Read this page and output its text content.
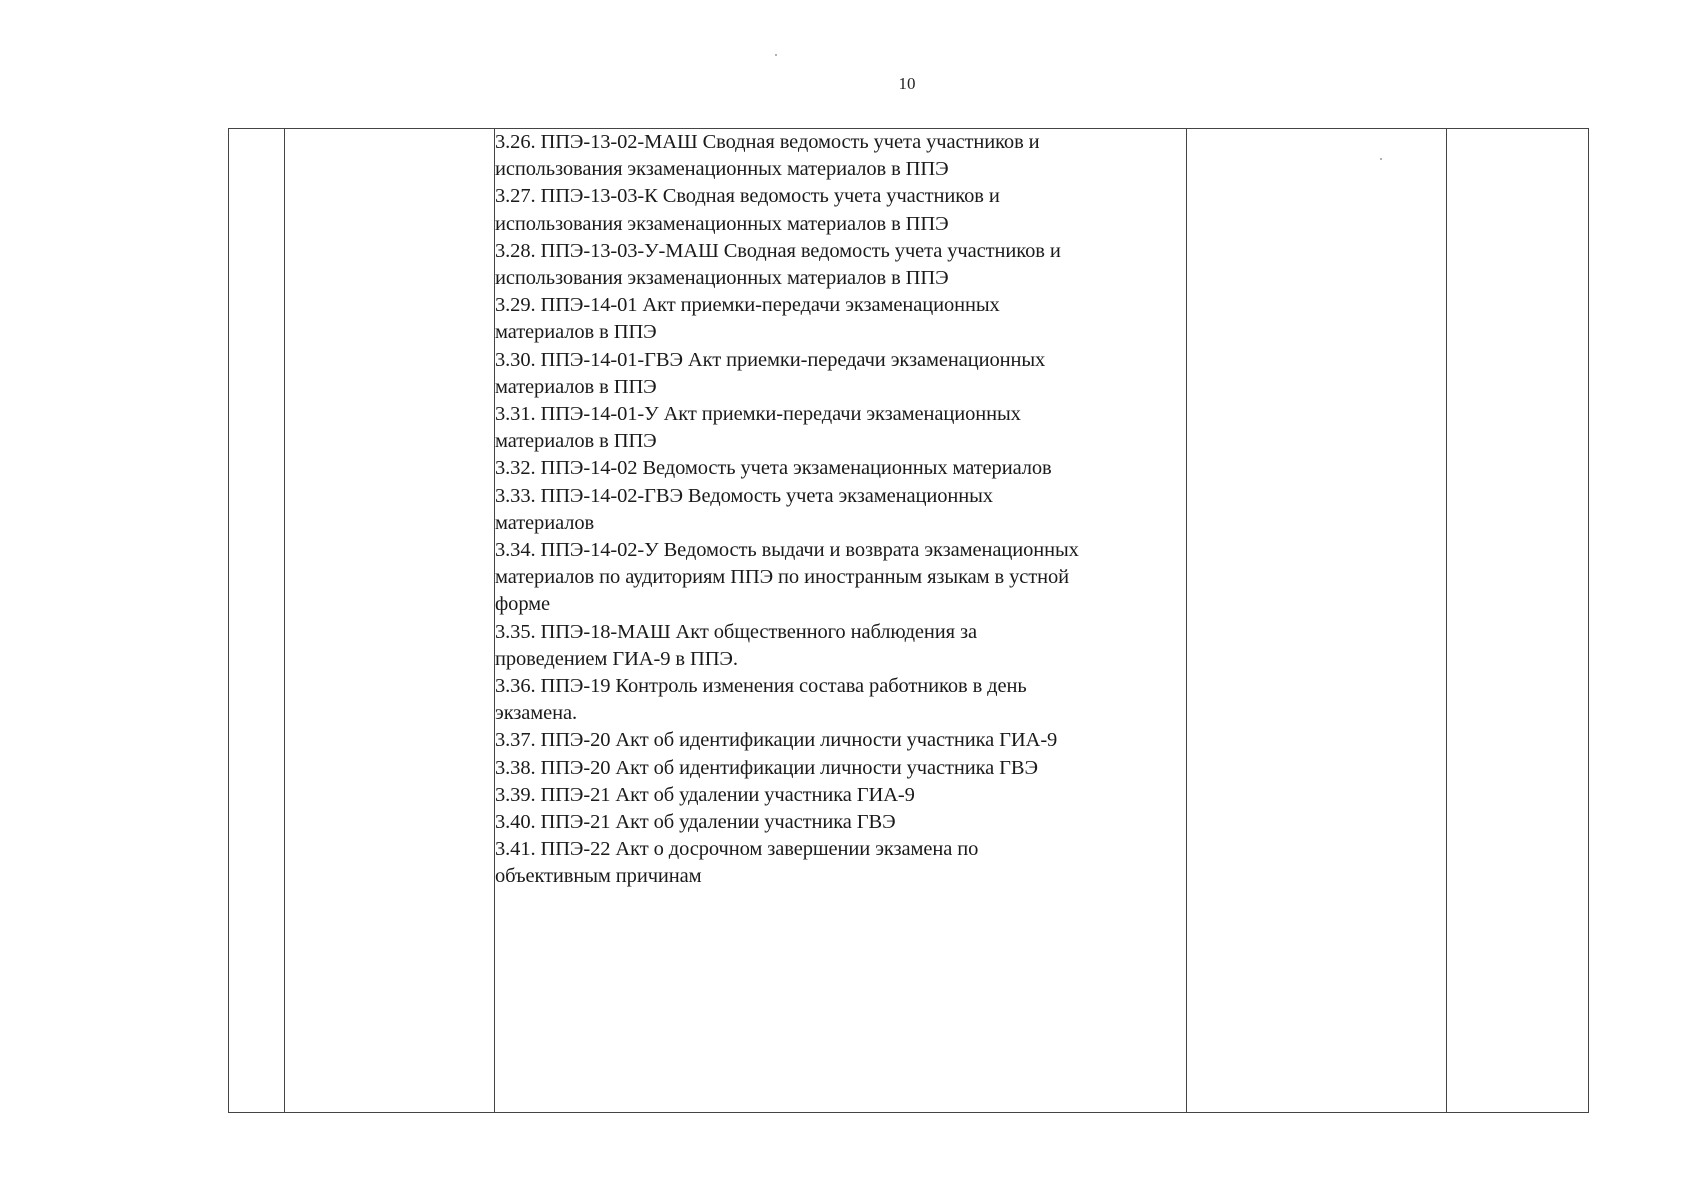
10
3.26. ППЭ-13-02-МАШ Сводная ведомость учета участников и
использования экзаменационных материалов в ППЭ
3.27. ППЭ-13-03-К Сводная ведомость учета участников и
использования экзаменационных материалов в ППЭ
3.28. ППЭ-13-03-У-МАШ Сводная ведомость учета участников и
использования экзаменационных материалов в ППЭ
3.29. ППЭ-14-01 Акт приемки-передачи экзаменационных
материалов в ППЭ
3.30. ППЭ-14-01-ГВЭ Акт приемки-передачи экзаменационных
материалов в ППЭ
3.31. ППЭ-14-01-У Акт приемки-передачи экзаменационных
материалов в ППЭ
3.32. ППЭ-14-02 Ведомость учета экзаменационных материалов
3.33. ППЭ-14-02-ГВЭ Ведомость учета экзаменационных
материалов
3.34. ППЭ-14-02-У Ведомость выдачи и возврата экзаменационных
материалов по аудиториям ППЭ по иностранным языкам в устной
форме
3.35. ППЭ-18-МАШ Акт общественного наблюдения за
проведением ГИА-9 в ППЭ.
3.36. ППЭ-19 Контроль изменения состава работников в день
экзамена.
3.37. ППЭ-20 Акт об идентификации личности участника ГИА-9
3.38. ППЭ-20 Акт об идентификации личности участника ГВЭ
3.39. ППЭ-21 Акт об удалении участника ГИА-9
3.40. ППЭ-21 Акт об удалении участника ГВЭ
3.41. ППЭ-22 Акт о досрочном завершении экзамена по
объективным причинам
